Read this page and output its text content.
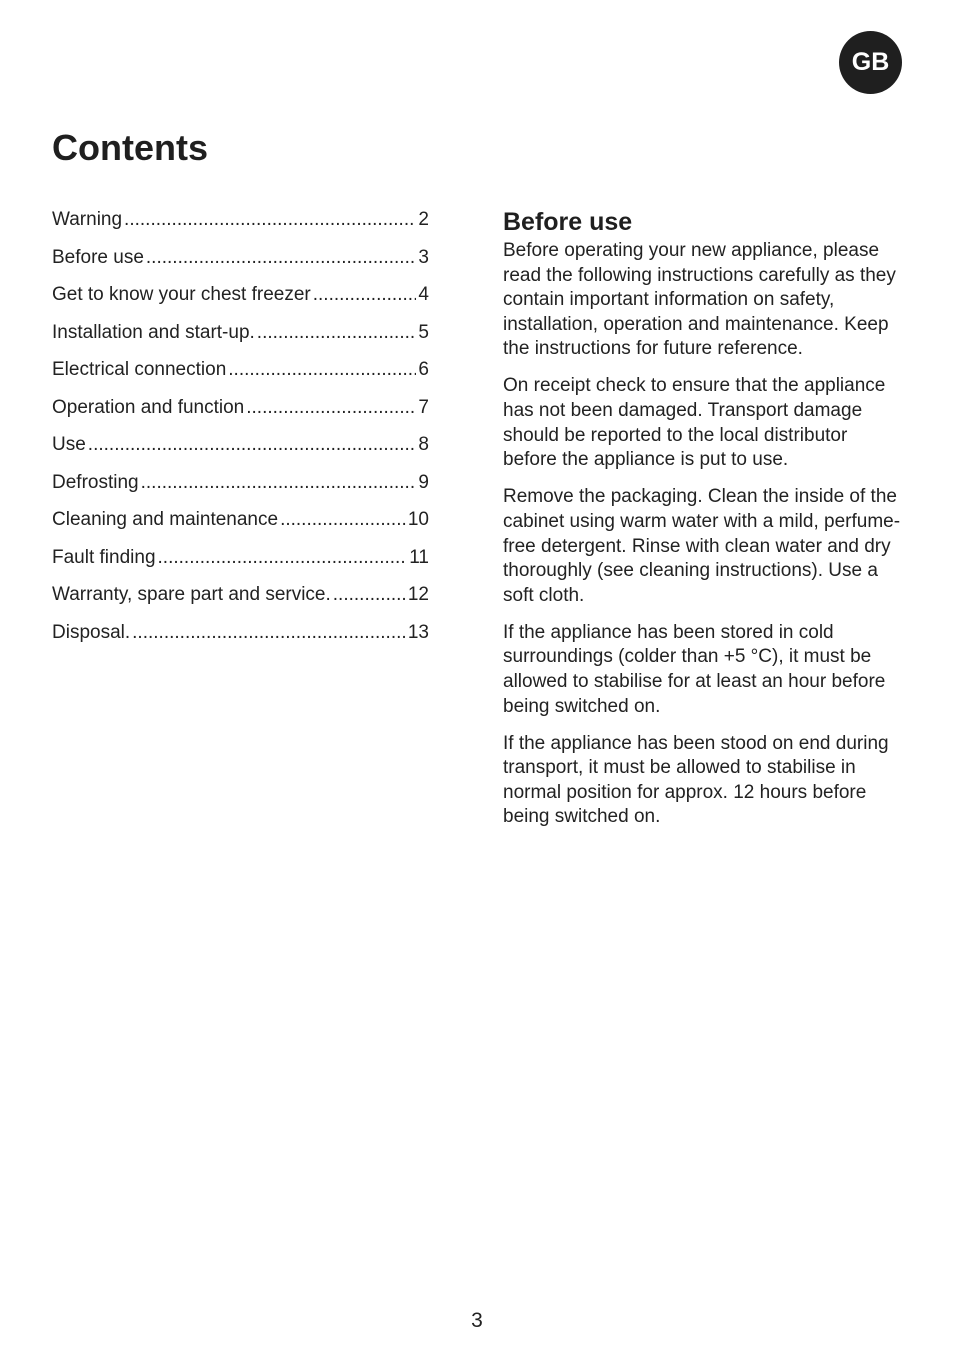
GB
Contents
Warning .....	2
Before use .....	3
Get to know your chest freezer .....	4
Installation and start-up. .....	5
Electrical connection .....	6
Operation and function .....	7
Use .....	8
Defrosting .....	9
Cleaning and maintenance .....	10
Fault finding .....	11
Warranty, spare part and service. .....	12
Disposal. .....	13
Before use

Before operating your new appliance, please read the following instructions carefully as they contain important information on safety, installation, operation and maintenance. Keep the instructions for future reference.

On receipt check to ensure that the appliance has not been damaged. Transport damage should be reported to the local distributor before the appliance is put to use.

Remove the packaging. Clean the inside of the cabinet using warm water with a mild, perfume-free detergent. Rinse with clean water and dry thoroughly (see cleaning instructions). Use a soft cloth.

If the appliance has been stored in cold surroundings (colder than +5 °C), it must be allowed to stabilise for at least an hour before being switched on.

If the appliance has been stood on end during transport, it must be allowed to stabilise in normal position for approx. 12 hours before being switched on.

3
